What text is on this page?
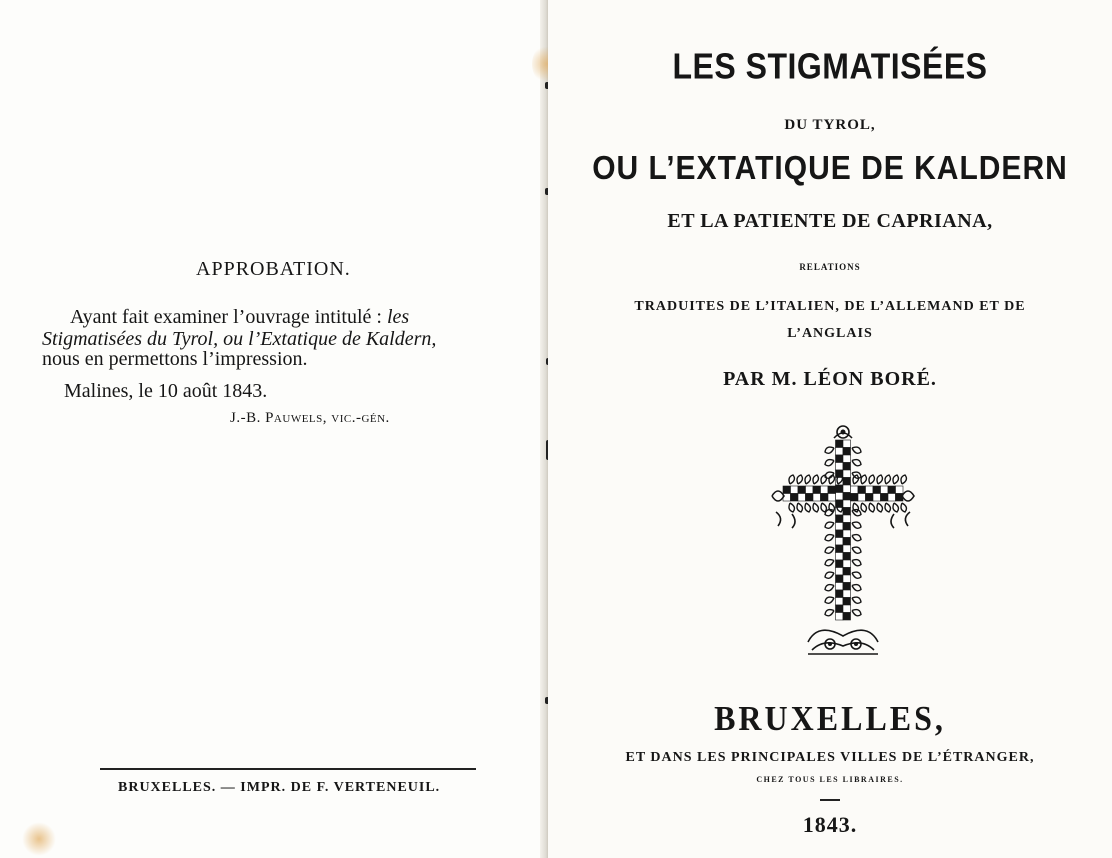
APPROBATION.
Ayant fait examiner l’ouvrage intitulé : les
Stigmatisées du Tyrol, ou l’Extatique de Kaldern,
nous en permettons l’impression.
Malines, le 10 août 1843.
J.-B. Pauwels, vic.-gén.
BRUXELLES. — IMPR. DE F. VERTENEUIL.
LES STIGMATISÉES
DU TYROL,
OU L’EXTATIQUE DE KALDERN
ET LA PATIENTE DE CAPRIANA,
RELATIONS
TRADUITES DE L’ITALIEN, DE L’ALLEMAND ET DE
L’ANGLAIS
PAR M. LÉON BORÉ.
BRUXELLES,
ET DANS LES PRINCIPALES VILLES DE L’ÉTRANGER,
CHEZ TOUS LES LIBRAIRES.
1843.
